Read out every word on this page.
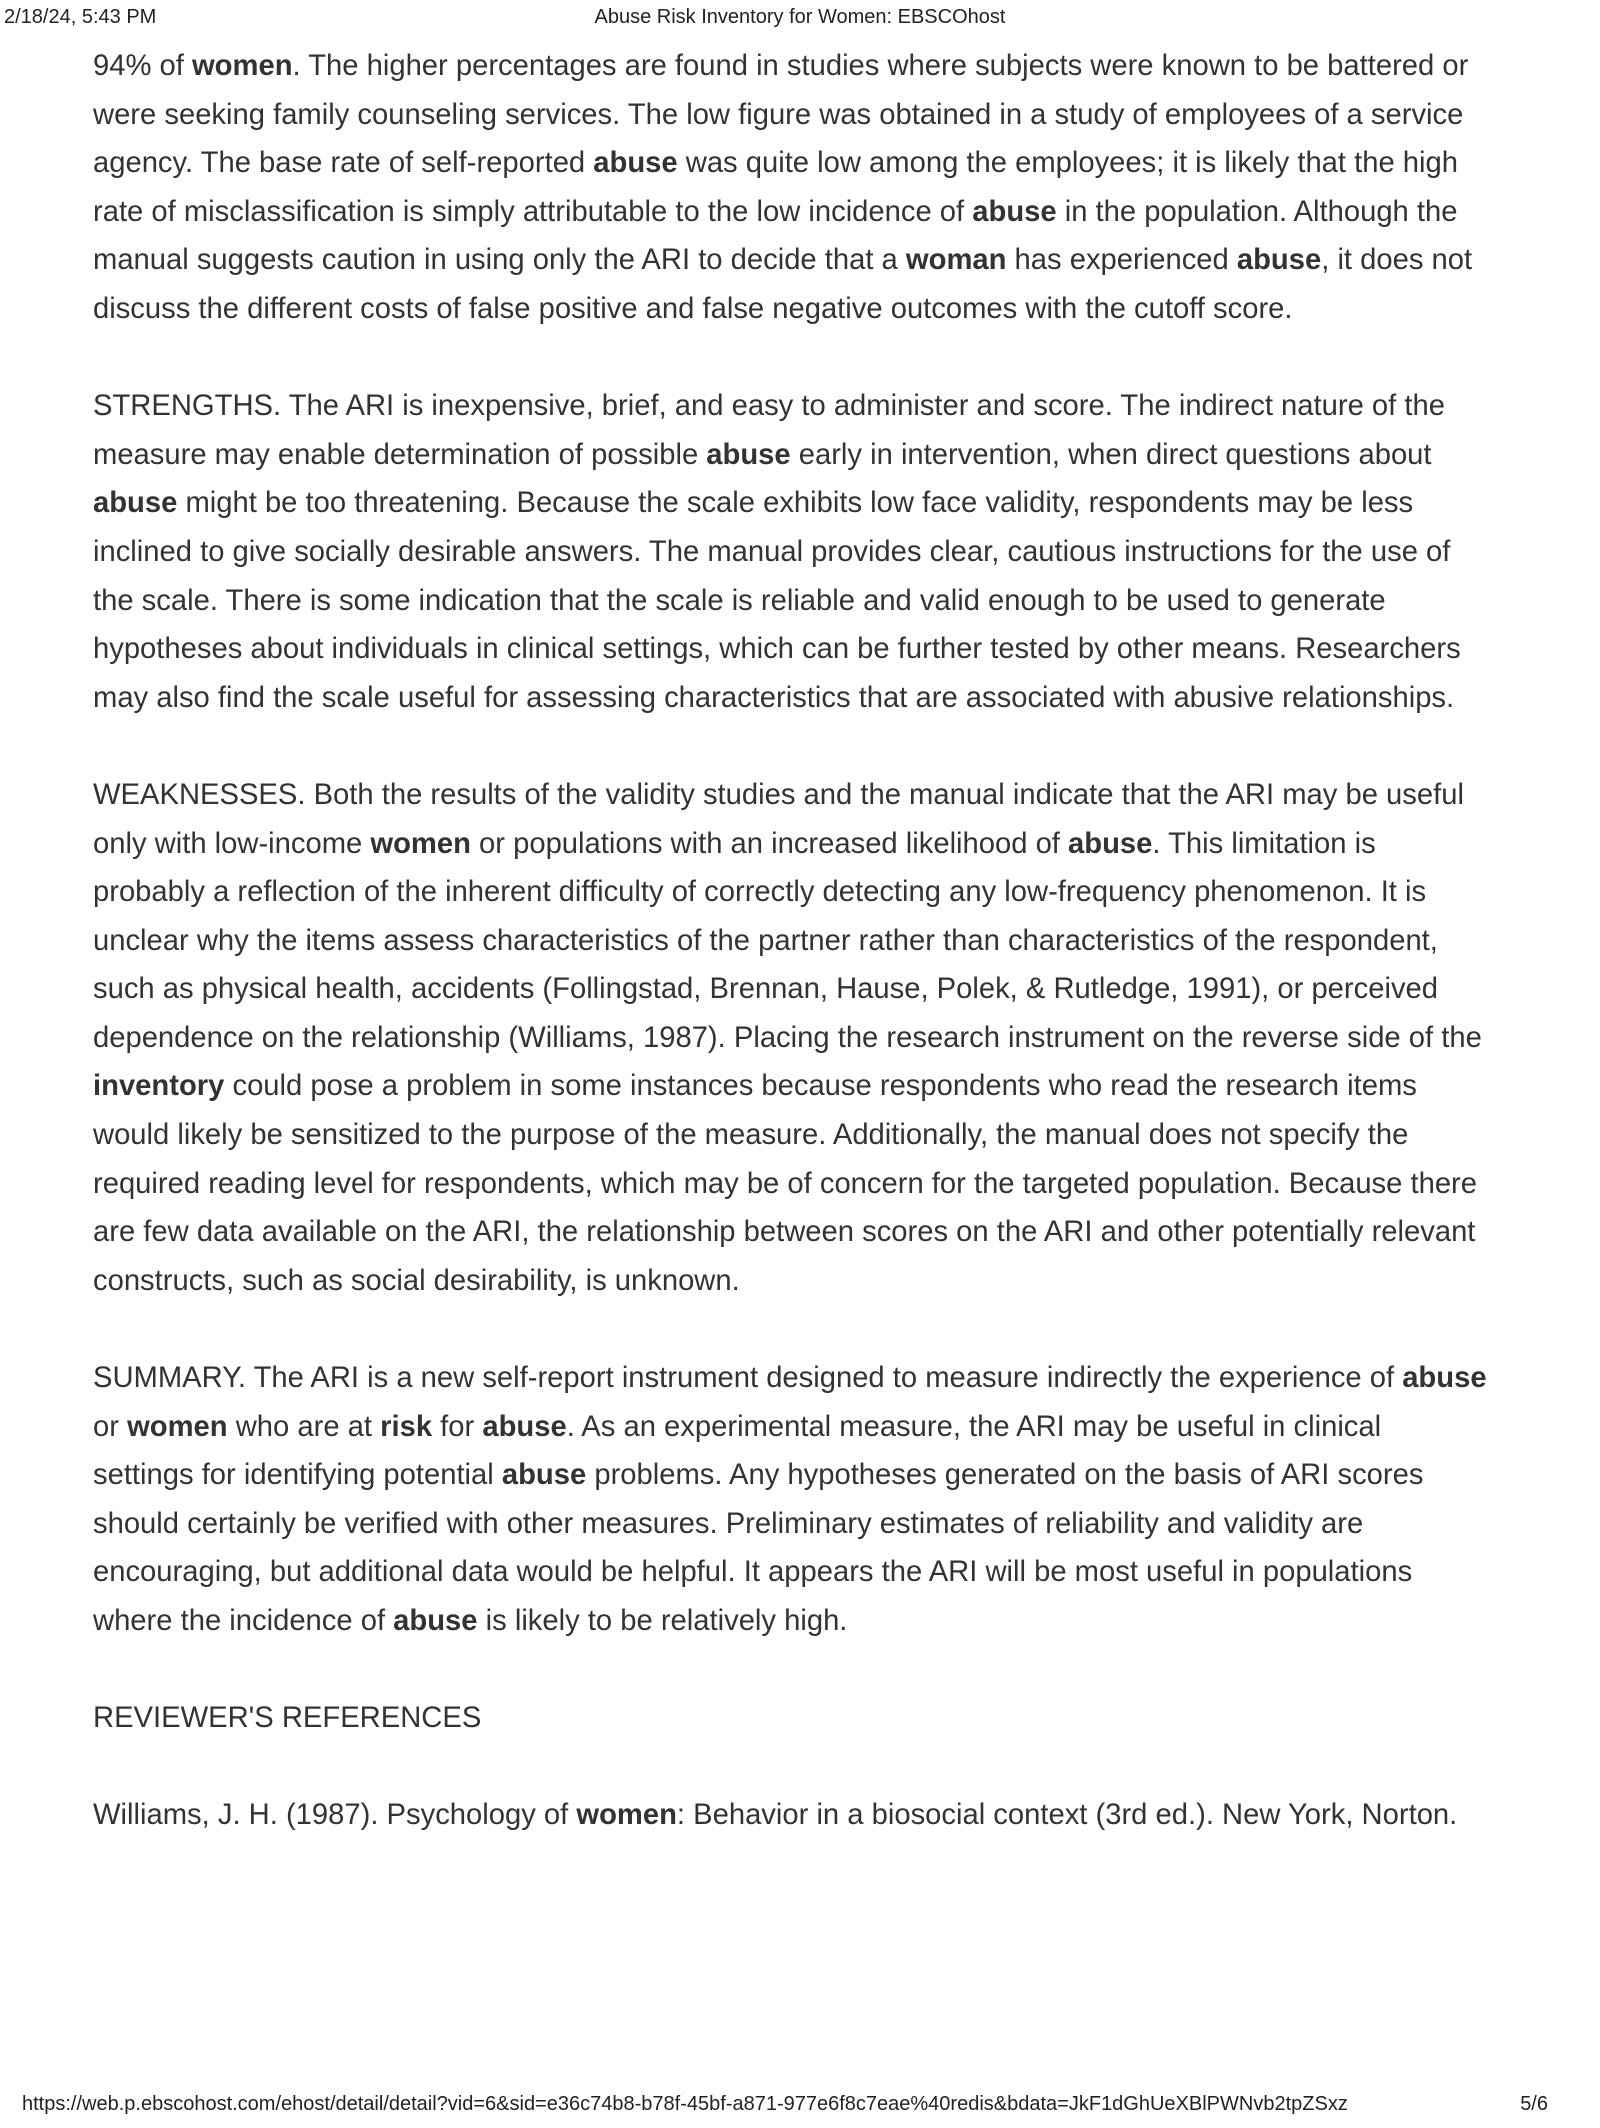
2/18/24, 5:43 PM	Abuse Risk Inventory for Women: EBSCOhost

94% of women. The higher percentages are found in studies where subjects were known to be battered or were seeking family counseling services. The low figure was obtained in a study of employees of a service agency. The base rate of self-reported abuse was quite low among the employees; it is likely that the high rate of misclassification is simply attributable to the low incidence of abuse in the population. Although the manual suggests caution in using only the ARI to decide that a woman has experienced abuse, it does not discuss the different costs of false positive and false negative outcomes with the cutoff score.

STRENGTHS. The ARI is inexpensive, brief, and easy to administer and score. The indirect nature of the measure may enable determination of possible abuse early in intervention, when direct questions about abuse might be too threatening. Because the scale exhibits low face validity, respondents may be less inclined to give socially desirable answers. The manual provides clear, cautious instructions for the use of the scale. There is some indication that the scale is reliable and valid enough to be used to generate hypotheses about individuals in clinical settings, which can be further tested by other means. Researchers may also find the scale useful for assessing characteristics that are associated with abusive relationships.

WEAKNESSES. Both the results of the validity studies and the manual indicate that the ARI may be useful only with low-income women or populations with an increased likelihood of abuse. This limitation is probably a reflection of the inherent difficulty of correctly detecting any low-frequency phenomenon. It is unclear why the items assess characteristics of the partner rather than characteristics of the respondent, such as physical health, accidents (Follingstad, Brennan, Hause, Polek, & Rutledge, 1991), or perceived dependence on the relationship (Williams, 1987). Placing the research instrument on the reverse side of the inventory could pose a problem in some instances because respondents who read the research items would likely be sensitized to the purpose of the measure. Additionally, the manual does not specify the required reading level for respondents, which may be of concern for the targeted population. Because there are few data available on the ARI, the relationship between scores on the ARI and other potentially relevant constructs, such as social desirability, is unknown.

SUMMARY. The ARI is a new self-report instrument designed to measure indirectly the experience of abuse or women who are at risk for abuse. As an experimental measure, the ARI may be useful in clinical settings for identifying potential abuse problems. Any hypotheses generated on the basis of ARI scores should certainly be verified with other measures. Preliminary estimates of reliability and validity are encouraging, but additional data would be helpful. It appears the ARI will be most useful in populations where the incidence of abuse is likely to be relatively high.

REVIEWER'S REFERENCES

Williams, J. H. (1987). Psychology of women: Behavior in a biosocial context (3rd ed.). New York, Norton.

https://web.p.ebscohost.com/ehost/detail/detail?vid=6&sid=e36c74b8-b78f-45bf-a871-977e6f8c7eae%40redis&bdata=JkF1dGhUeXBlPWNvb2tpZSxz	5/6
